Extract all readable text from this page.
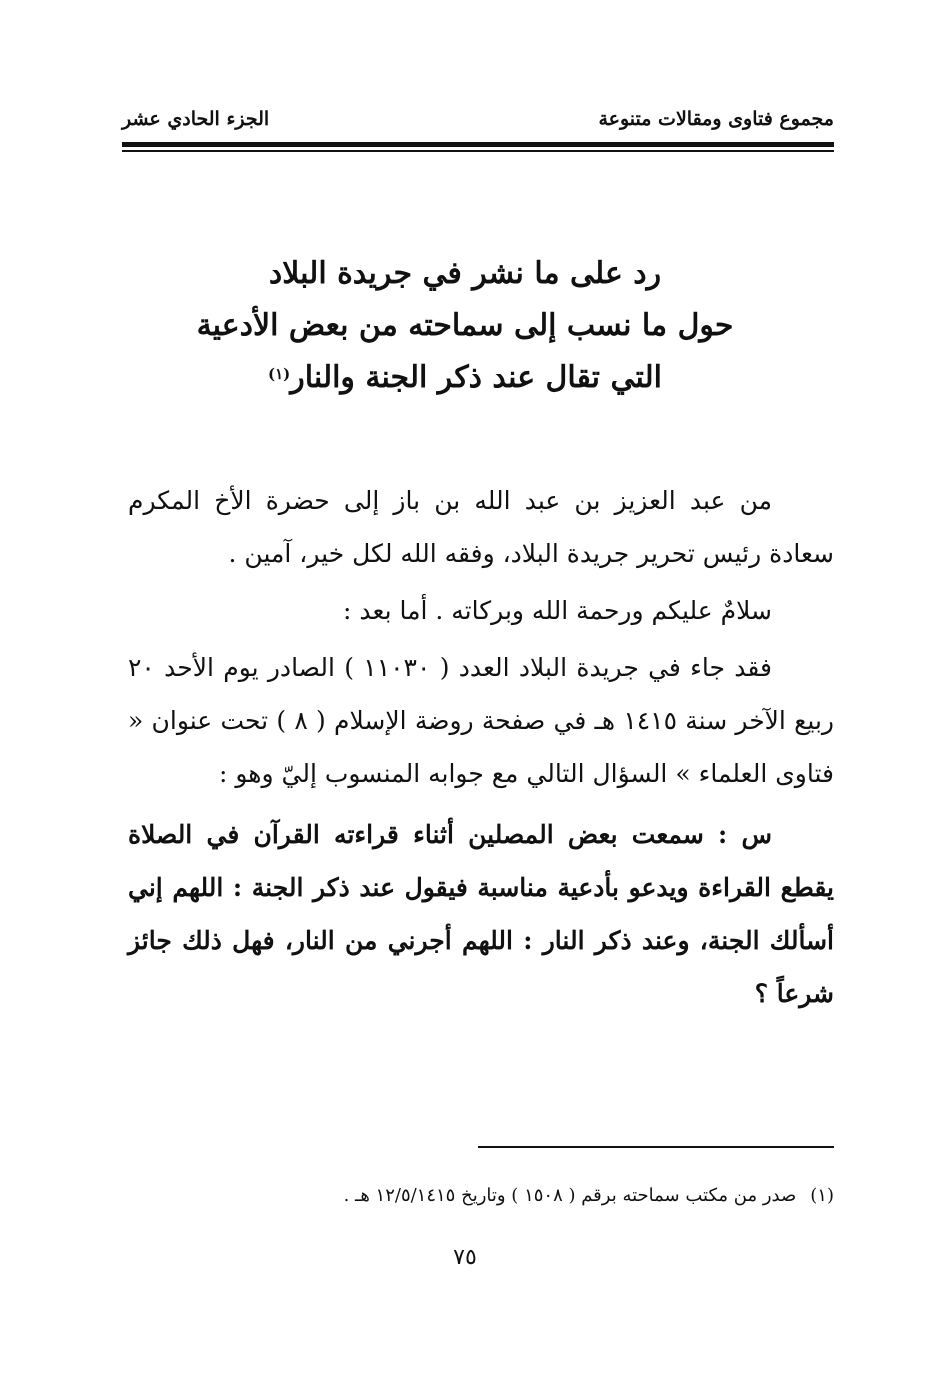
مجموع فتاوى ومقالات متنوعة
الجزء الحادي عشر
رد على ما نشر في جريدة البلاد
حول ما نسب إلى سماحته من بعض الأدعية
التي تقال عند ذكر الجنة والنار$^{(١)}$

من عبد العزيز بن عبد الله بن باز إلى حضرة الأخ المكرم سعادة رئيس تحرير جريدة البلاد، وفقه الله لكل خير، آمين .

سلامٌ عليكم ورحمة الله وبركاته . أما بعد :

فقد جاء في جريدة البلاد العدد ( ١١٠٣٠ ) الصادر يوم الأحد ٢٠ ربيع الآخر سنة ١٤١٥ هـ في صفحة روضة الإسلام ( ٨ ) تحت عنوان « فتاوى العلماء » السؤال التالي مع جوابه المنسوب إليّ وهو :

س : سمعت بعض المصلين أثناء قراءته القرآن في الصلاة يقطع القراءة ويدعو بأدعية مناسبة فيقول عند ذكر الجنة : اللهم إني أسألك الجنة، وعند ذكر النار : اللهم أجرني من النار، فهل ذلك جائز شرعاً ؟

(١)صدر من مكتب سماحته برقم ( ١٥٠٨ ) وتاريخ ١٢/٥/١٤١٥ هـ .
٧٥
